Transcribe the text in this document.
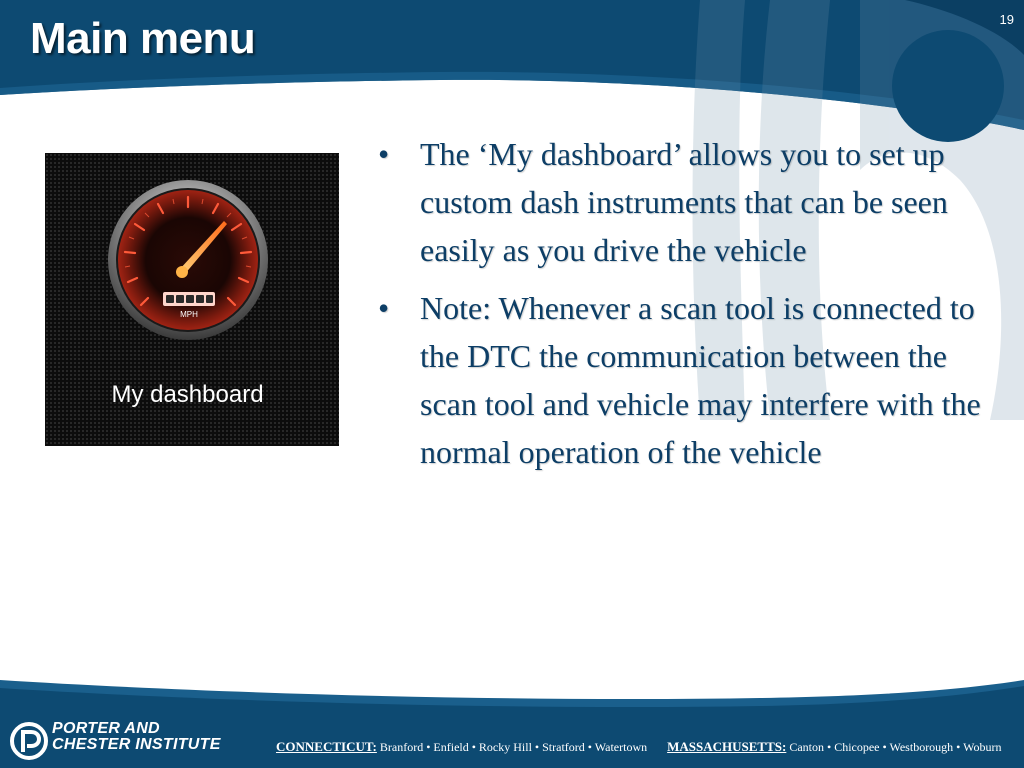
Main menu	19
MPH
My dashboard
• The ‘My dashboard’ allows you to set up custom dash instruments that can be seen easily as you drive the vehicle
• Note: Whenever a scan tool is connected to the DTC the communication between the scan tool and vehicle may interfere with the normal operation of the vehicle
PORTER AND
CHESTER INSTITUTE	CONNECTICUT: Branford • Enfield • Rocky Hill • Stratford • Watertown MASSACHUSETTS: Canton • Chicopee • Westborough • Woburn
